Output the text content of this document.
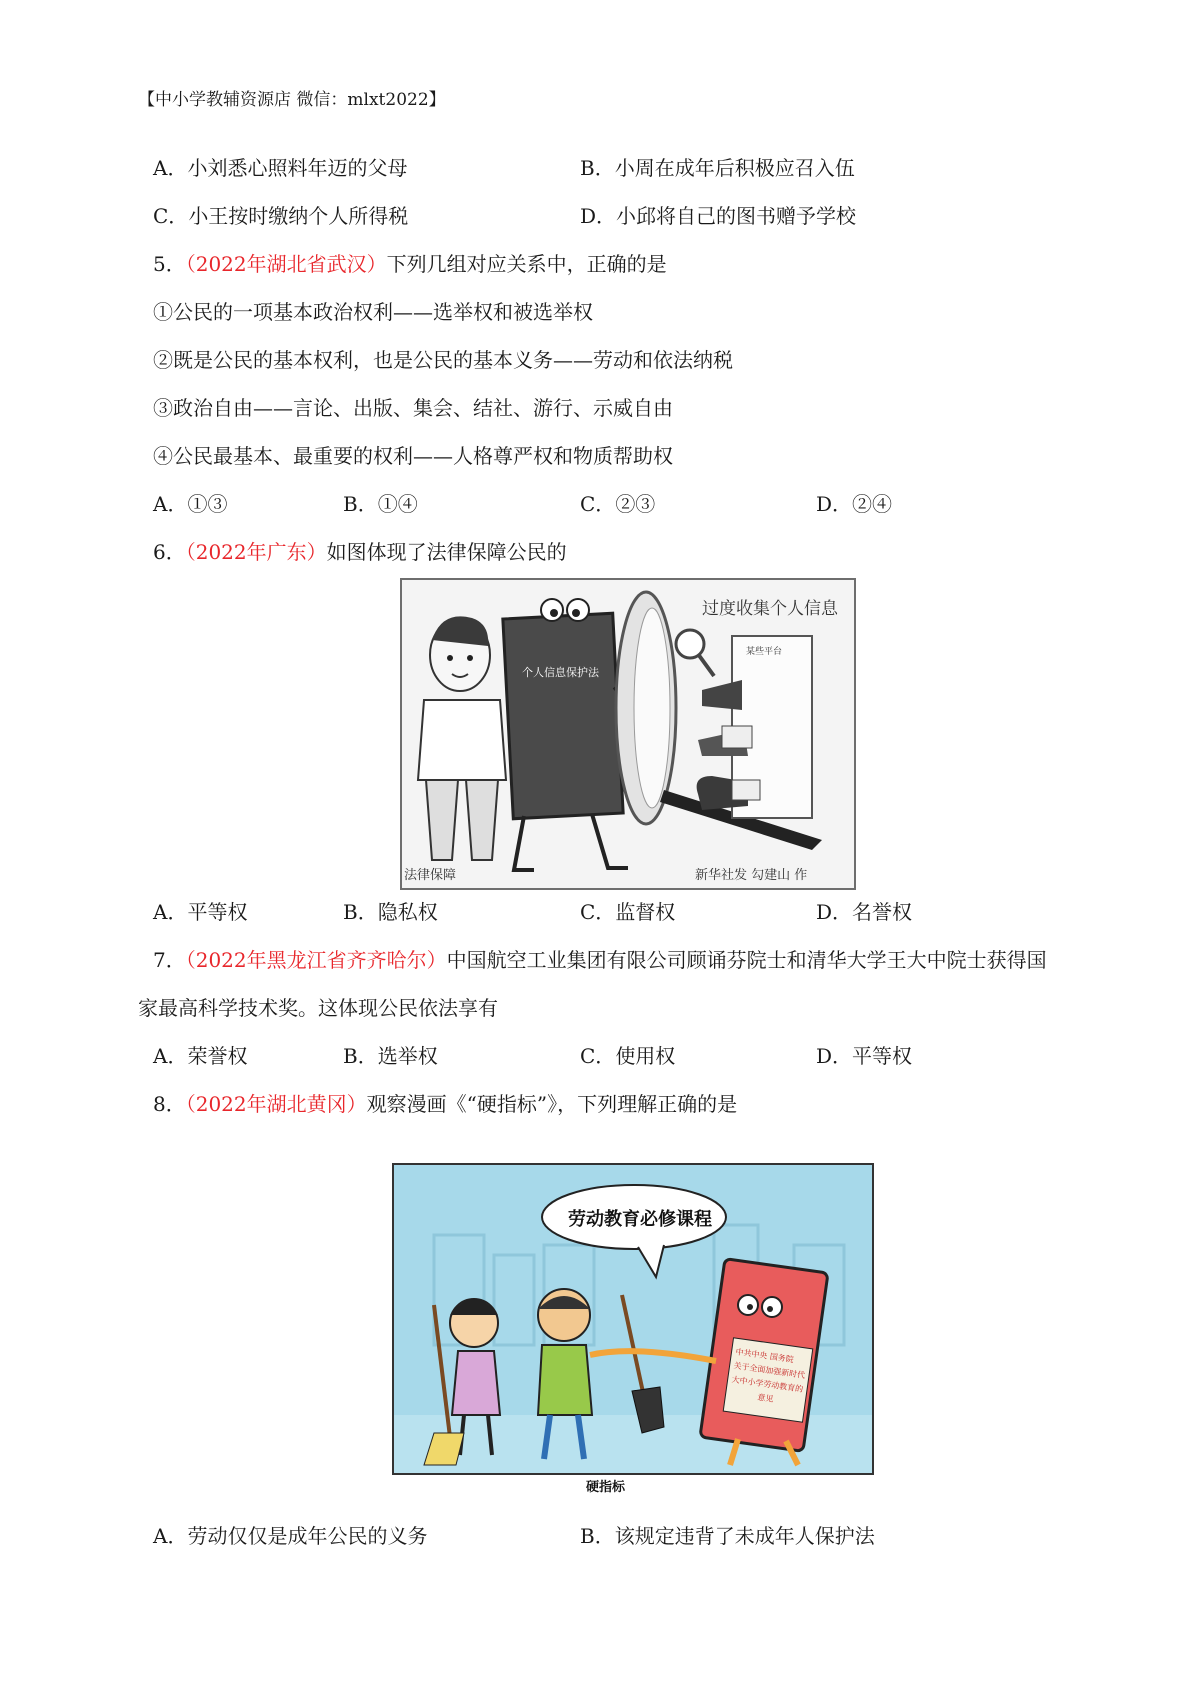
【中小学教辅资源店 微信：mlxt2022】
A．小刘悉心照料年迈的父母	B．小周在成年后积极应召入伍
C．小王按时缴纳个人所得税	D．小邱将自己的图书赠予学校
5．（2022年湖北省武汉）下列几组对应关系中，正确的是
①公民的一项基本政治权利——选举权和被选举权
②既是公民的基本权利，也是公民的基本义务——劳动和依法纳税
③政治自由——言论、出版、集会、结社、游行、示威自由
④公民最基本、最重要的权利——人格尊严权和物质帮助权
A．①③	B．①④	C．②③	D．②④
6．（2022年广东）如图体现了法律保障公民的
个人信息保护法
过度收集个人信息
某些平台
法律保障	新华社发 勾建山 作
A．平等权	B．隐私权	C．监督权	D．名誉权
7．（2022年黑龙江省齐齐哈尔）中国航空工业集团有限公司顾诵芬院士和清华大学王大中院士获得国
家最高科学技术奖。这体现公民依法享有
A．荣誉权	B．选举权	C．使用权	D．平等权
8．（2022年湖北黄冈）观察漫画《“硬指标”》，下列理解正确的是
劳动教育必修课程
中共中央 国务院
关于全面加强新时代
大中小学劳动教育的
意见
硬指标
A．劳动仅仅是成年公民的义务	B．该规定违背了未成年人保护法
